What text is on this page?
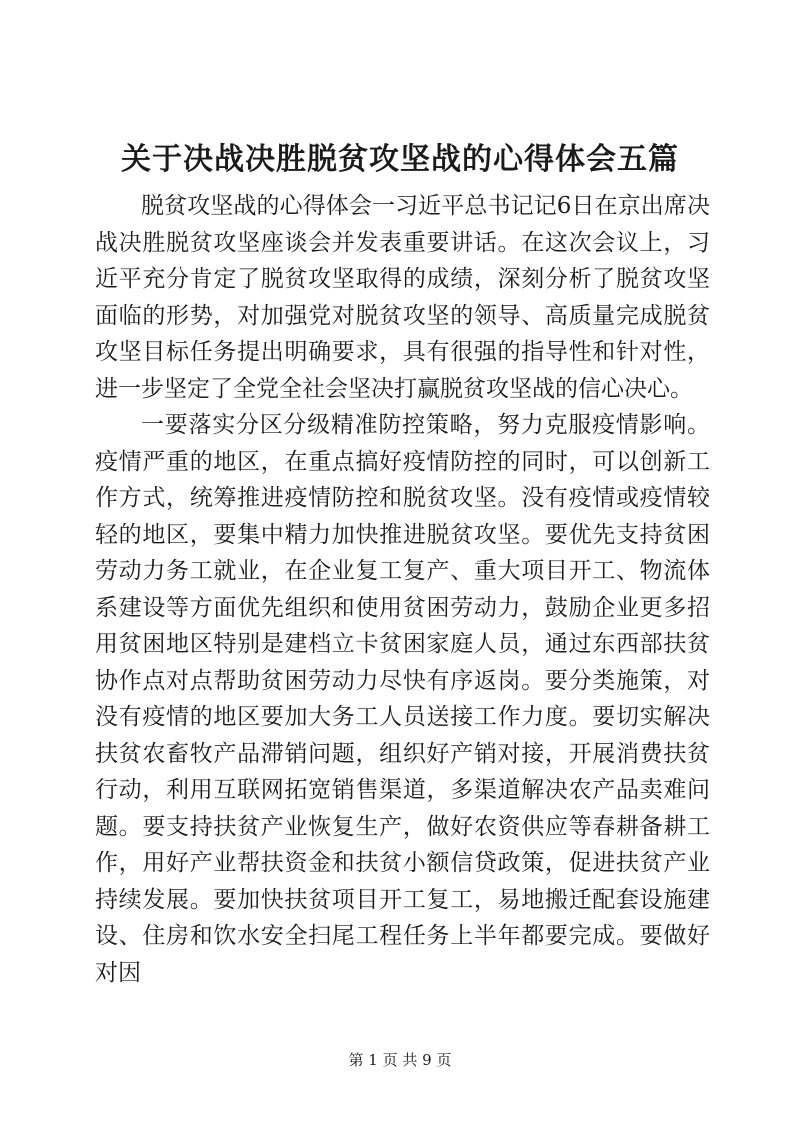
关于决战决胜脱贫攻坚战的心得体会五篇

脱贫攻坚战的心得体会一习近平总书记记6日在京出席决战决胜脱贫攻坚座谈会并发表重要讲话。在这次会议上，习近平充分肯定了脱贫攻坚取得的成绩，深刻分析了脱贫攻坚面临的形势，对加强党对脱贫攻坚的领导、高质量完成脱贫攻坚目标任务提出明确要求，具有很强的指导性和针对性，进一步坚定了全党全社会坚决打赢脱贫攻坚战的信心决心。

一要落实分区分级精准防控策略，努力克服疫情影响。疫情严重的地区，在重点搞好疫情防控的同时，可以创新工作方式，统筹推进疫情防控和脱贫攻坚。没有疫情或疫情较轻的地区，要集中精力加快推进脱贫攻坚。要优先支持贫困劳动力务工就业，在企业复工复产、重大项目开工、物流体系建设等方面优先组织和使用贫困劳动力，鼓励企业更多招用贫困地区特别是建档立卡贫困家庭人员，通过东西部扶贫协作点对点帮助贫困劳动力尽快有序返岗。要分类施策，对没有疫情的地区要加大务工人员送接工作力度。要切实解决扶贫农畜牧产品滞销问题，组织好产销对接，开展消费扶贫行动，利用互联网拓宽销售渠道，多渠道解决农产品卖难问题。要支持扶贫产业恢复生产，做好农资供应等春耕备耕工作，用好产业帮扶资金和扶贫小额信贷政策，促进扶贫产业持续发展。要加快扶贫项目开工复工，易地搬迁配套设施建设、住房和饮水安全扫尾工程任务上半年都要完成。要做好对因

第 1 页 共 9 页
